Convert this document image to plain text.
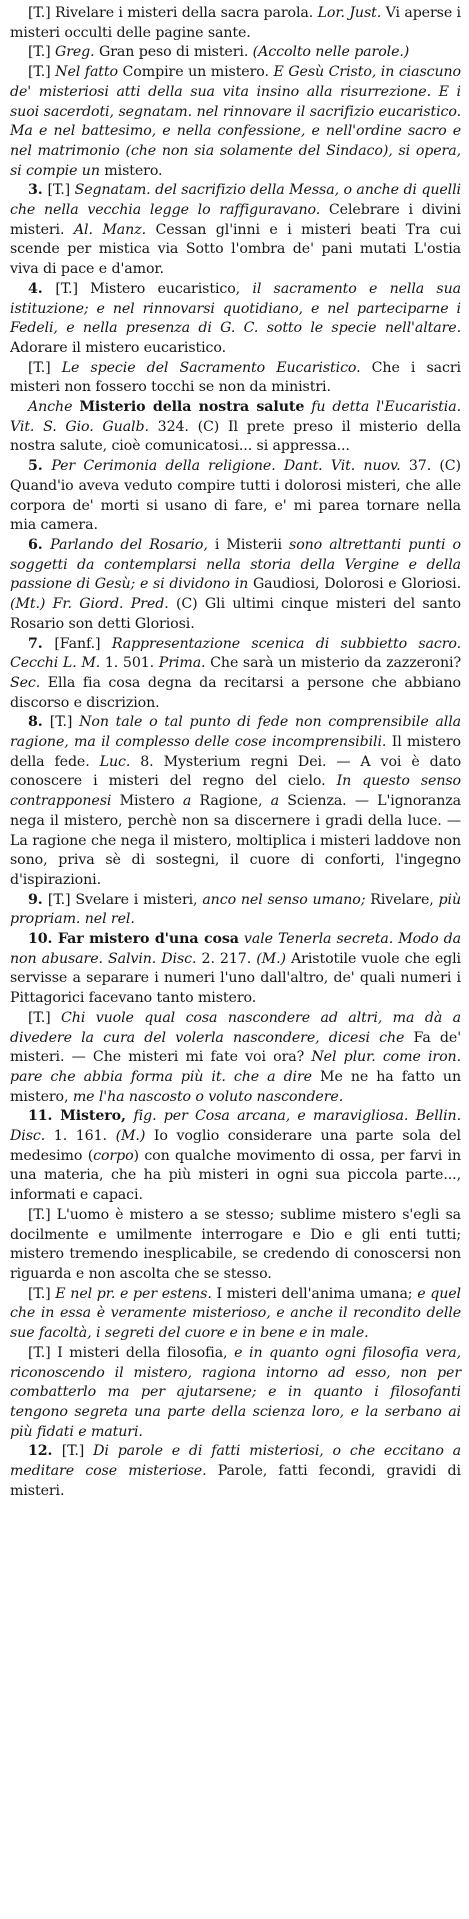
[T.] Rivelare i misteri della sacra parola. Lor. Just. Vi aperse i misteri occulti delle pagine sante.

[T.] Greg. Gran peso di misteri. (Accolto nelle parole.)

[T.] Nel fatto Compire un mistero. E Gesù Cristo, in ciascuno de' misteriosi atti della sua vita insino alla risurrezione. E i suoi sacerdoti, segnatam. nel rinnovare il sacrifizio eucaristico. Ma e nel battesimo, e nella confessione, e nell'ordine sacro e nel matrimonio (che non sia solamente del Sindaco), si opera, si compie un mistero.

3. [T.] Segnatam. del sacrifizio della Messa, o anche di quelli che nella vecchia legge lo raffiguravano. Celebrare i divini misteri. Al. Manz. Cessan gl'inni e i misteri beati Tra cui scende per mistica via Sotto l'ombra de' pani mutati L'ostia viva di pace e d'amor.

4. [T.] Mistero eucaristico, il sacramento e nella sua istituzione; e nel rinnovarsi quotidiano, e nel parteciparne i Fedeli, e nella presenza di G. C. sotto le specie nell'altare. Adorare il mistero eucaristico.

[T.] Le specie del Sacramento Eucaristico. Che i sacri misteri non fossero tocchi se non da ministri.

Anche Misterio della nostra salute fu detta l'Eucaristia. Vit. S. Gio. Gualb. 324. (C) Il prete preso il misterio della nostra salute, cioè comunicatosi... si appressa...

5. Per Cerimonia della religione. Dant. Vit. nuov. 37. (C) Quand'io aveva veduto compire tutti i dolorosi misteri, che alle corpora de' morti si usano di fare, e' mi parea tornare nella mia camera.

6. Parlando del Rosario, i Misterii sono altrettanti punti o soggetti da contemplarsi nella storia della Vergine e della passione di Gesù; e si dividono in Gaudiosi, Dolorosi e Gloriosi. (Mt.) Fr. Giord. Pred. (C) Gli ultimi cinque misteri del santo Rosario son detti Gloriosi.

7. [Fanf.] Rappresentazione scenica di subbietto sacro. Cecchi L. M. 1. 501. Prima. Che sarà un misterio da zazzeroni? Sec. Ella fia cosa degna da recitarsi a persone che abbiano discorso e discrizion.

8. [T.] Non tale o tal punto di fede non comprensibile alla ragione, ma il complesso delle cose incomprensibili. Il mistero della fede. Luc. 8. Mysterium regni Dei. — A voi è dato conoscere i misteri del regno del cielo. In questo senso contrapponesi Mistero a Ragione, a Scienza. — L'ignoranza nega il mistero, perchè non sa discernere i gradi della luce. — La ragione che nega il mistero, moltiplica i misteri laddove non sono, priva sè di sostegni, il cuore di conforti, l'ingegno d'ispirazioni.

9. [T.] Svelare i misteri, anco nel senso umano; Rivelare, più propriam. nel rel.

10. Far mistero d'una cosa vale Tenerla secreta. Modo da non abusare. Salvin. Disc. 2. 217. (M.) Aristotile vuole che egli servisse a separare i numeri l'uno dall'altro, de' quali numeri i Pittagorici facevano tanto mistero.

[T.] Chi vuole qual cosa nascondere ad altri, ma dà a divedere la cura del volerla nascondere, dicesi che Fa de' misteri. — Che misteri mi fate voi ora? Nel plur. come iron. pare che abbia forma più it. che a dire Me ne ha fatto un mistero, me l'ha nascosto o voluto nascondere.

11. Mistero, fig. per Cosa arcana, e maravigliosa. Bellin. Disc. 1. 161. (M.) Io voglio considerare una parte sola del medesimo (corpo) con qualche movimento di ossa, per farvi in una materia, che ha più misteri in ogni sua piccola parte..., informati e capaci.

[T.] L'uomo è mistero a se stesso; sublime mistero s'egli sa docilmente e umilmente interrogare e Dio e gli enti tutti; mistero tremendo inesplicabile, se credendo di conoscersi non riguarda e non ascolta che se stesso.

[T.] E nel pr. e per estens. I misteri dell'anima umana; e quel che in essa è veramente misterioso, e anche il recondito delle sue facoltà, i segreti del cuore e in bene e in male.

[T.] I misteri della filosofia, e in quanto ogni filosofia vera, riconoscendo il mistero, ragiona intorno ad esso, non per combatterlo ma per ajutarsene; e in quanto i filosofanti tengono segreta una parte della scienza loro, e la serbano ai più fidati e maturi.

12. [T.] Di parole e di fatti misteriosi, o che eccitano a meditare cose misteriose. Parole, fatti fecondi, gravidi di misteri.
